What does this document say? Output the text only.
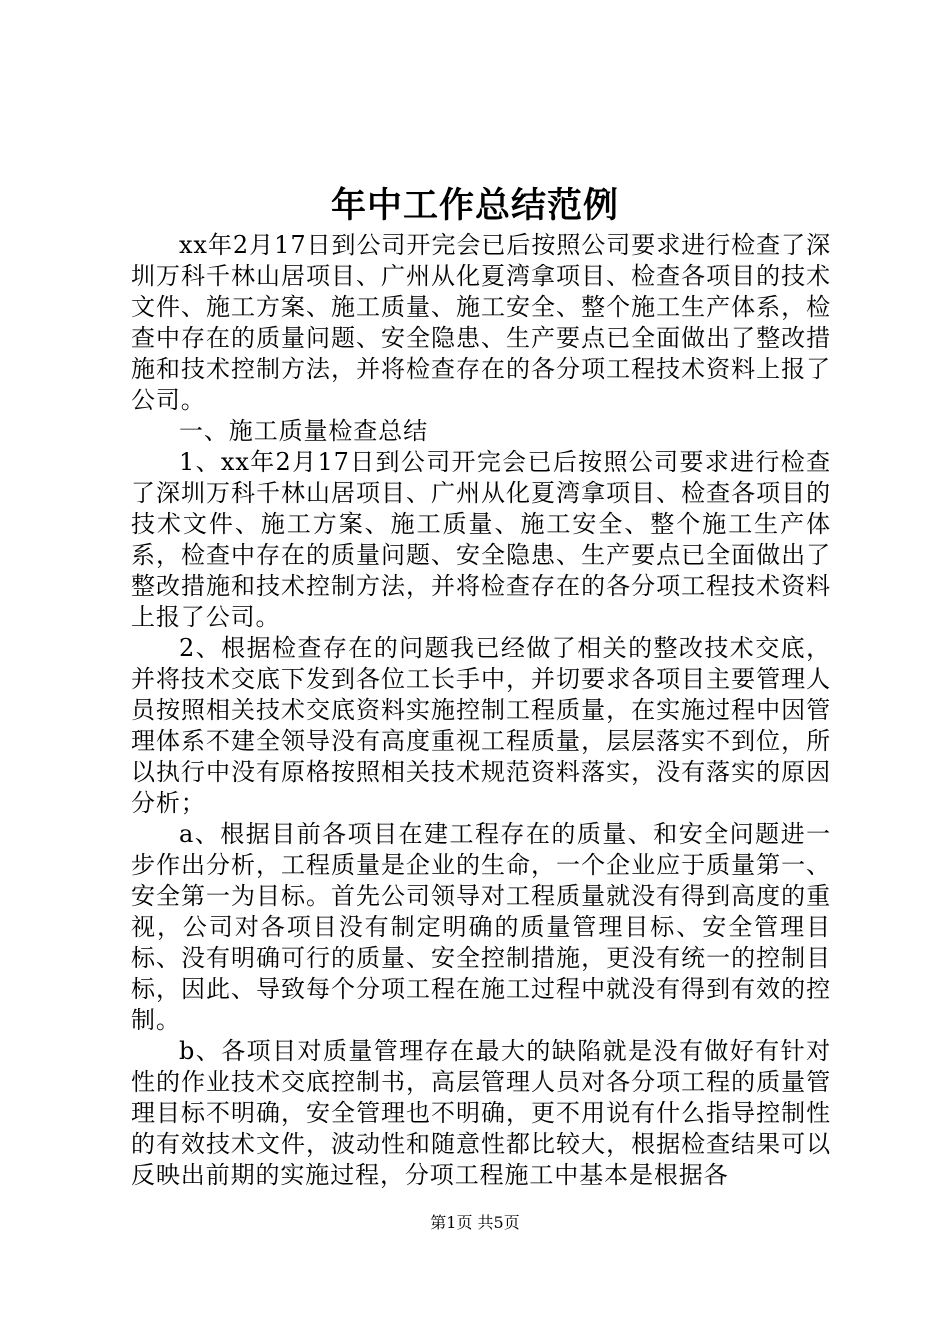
年中工作总结范例

xx年2月17日到公司开完会已后按照公司要求进行检查了深圳万科千林山居项目、广州从化夏湾拿项目、检查各项目的技术文件、施工方案、施工质量、施工安全、整个施工生产体系，检查中存在的质量问题、安全隐患、生产要点已全面做出了整改措施和技术控制方法，并将检查存在的各分项工程技术资料上报了公司。

一、施工质量检查总结

1、xx年2月17日到公司开完会已后按照公司要求进行检查了深圳万科千林山居项目、广州从化夏湾拿项目、检查各项目的技术文件、施工方案、施工质量、施工安全、整个施工生产体系，检查中存在的质量问题、安全隐患、生产要点已全面做出了整改措施和技术控制方法，并将检查存在的各分项工程技术资料上报了公司。

2、根据检查存在的问题我已经做了相关的整改技术交底，并将技术交底下发到各位工长手中，并切要求各项目主要管理人员按照相关技术交底资料实施控制工程质量，在实施过程中因管理体系不建全领导没有高度重视工程质量，层层落实不到位，所以执行中没有原格按照相关技术规范资料落实，没有落实的原因分析；

a、根据目前各项目在建工程存在的质量、和安全问题进一步作出分析，工程质量是企业的生命，一个企业应于质量第一、安全第一为目标。首先公司领导对工程质量就没有得到高度的重视，公司对各项目没有制定明确的质量管理目标、安全管理目标、没有明确可行的质量、安全控制措施，更没有统一的控制目标，因此、导致每个分项工程在施工过程中就没有得到有效的控制。

b、各项目对质量管理存在最大的缺陷就是没有做好有针对性的作业技术交底控制书，高层管理人员对各分项工程的质量管理目标不明确，安全管理也不明确，更不用说有什么指导控制性的有效技术文件，波动性和随意性都比较大，根据检查结果可以反映出前期的实施过程，分项工程施工中基本是根据各

第1页 共5页
